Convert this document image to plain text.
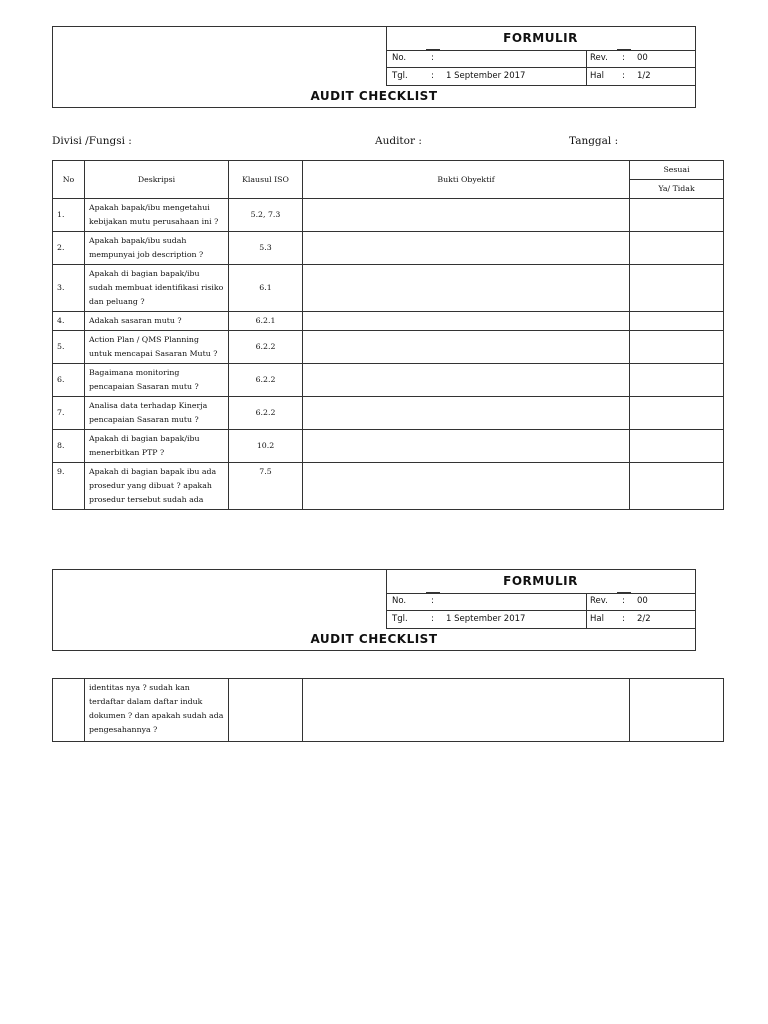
FORMULIR
No.	:	Rev. : 00
Tgl.	: 1 September 2017	Hal : 1/2
AUDIT CHECKLIST
Divisi /Fungsi :	Auditor :	Tanggal :
No	Deskripsi	Klausul ISO	Bukti Obyektif	Sesuai
				Ya/ Tidak
1.	Apakah bapak/ibu mengetahui kebijakan mutu perusahaan ini ?	5.2, 7.3		
2.	Apakah bapak/ibu sudah mempunyai job description ?	5.3		
3.	Apakah di bagian bapak/ibu sudah membuat identifikasi risiko dan peluang ?	6.1		
4.	Adakah sasaran mutu ?	6.2.1		
5.	Action Plan / QMS Planning untuk mencapai Sasaran Mutu ?	6.2.2		
6.	Bagaimana monitoring pencapaian Sasaran mutu ?	6.2.2		
7.	Analisa data terhadap Kinerja pencapaian Sasaran mutu ?	6.2.2		
8.	Apakah di bagian bapak/ibu menerbitkan PTP ?	10.2		
9.	Apakah di bagian bapak ibu ada prosedur yang dibuat ? apakah prosedur tersebut sudah ada	7.5		
FORMULIR
No.	:	Rev. : 00
Tgl.	: 1 September 2017	Hal : 2/2
AUDIT CHECKLIST
	identitas nya ? sudah kan terdaftar dalam daftar induk dokumen ? dan apakah sudah ada pengesahannya ?			
